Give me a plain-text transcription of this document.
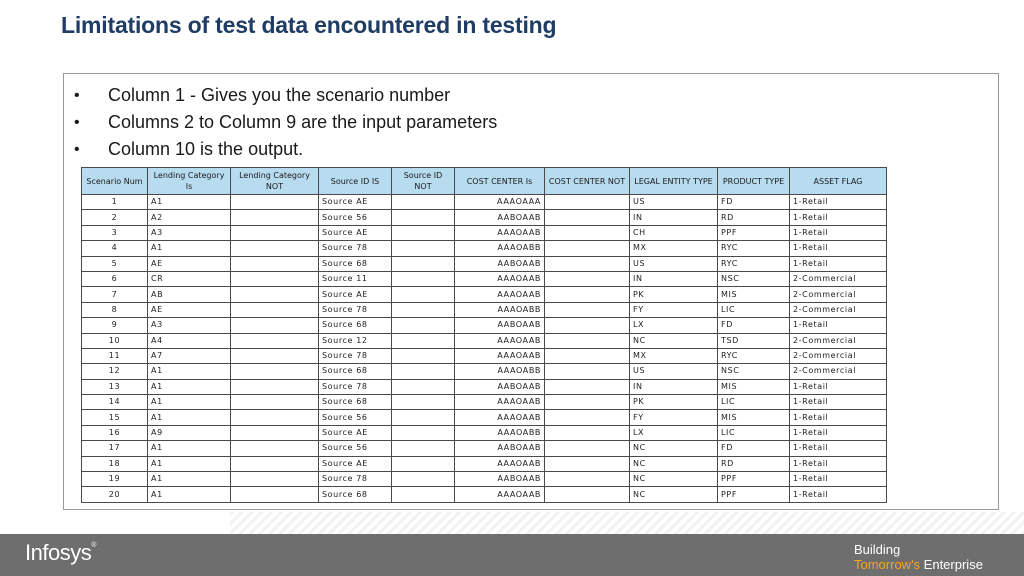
Limitations of test data encountered in testing
•	Column 1 - Gives you the scenario number
•	Columns 2 to Column 9 are the input parameters
•	Column 10 is the output.
Scenario Num	Lending Category Is	Lending Category NOT	Source ID IS	Source ID NOT	COST CENTER Is	COST CENTER NOT	LEGAL ENTITY TYPE	PRODUCT TYPE	ASSET FLAG
1	A1		Source AE		AAAOAAA		US	FD	1-Retail
2	A2		Source 56		AABOAAB		IN	RD	1-Retail
3	A3		Source AE		AAAOAAB		CH	PPF	1-Retail
4	A1		Source 78		AAAOABB		MX	RYC	1-Retail
5	AE		Source 68		AABOAAB		US	RYC	1-Retail
6	CR		Source 11		AAAOAAB		IN	NSC	2-Commercial
7	AB		Source AE		AAAOAAB		PK	MIS	2-Commercial
8	AE		Source 78		AAAOABB		FY	LIC	2-Commercial
9	A3		Source 68		AABOAAB		LX	FD	1-Retail
10	A4		Source 12		AAAOAAB		NC	TSD	2-Commercial
11	A7		Source 78		AAAOAAB		MX	RYC	2-Commercial
12	A1		Source 68		AAAOABB		US	NSC	2-Commercial
13	A1		Source 78		AABOAAB		IN	MIS	1-Retail
14	A1		Source 68		AAAOAAB		PK	LIC	1-Retail
15	A1		Source 56		AAAOAAB		FY	MIS	1-Retail
16	A9		Source AE		AAAOABB		LX	LIC	1-Retail
17	A1		Source 56		AABOAAB		NC	FD	1-Retail
18	A1		Source AE		AAAOAAB		NC	RD	1-Retail
19	A1		Source 78		AABOAAB		NC	PPF	1-Retail
20	A1		Source 68		AAAOAAB		NC	PPF	1-Retail
Infosys®	Building
Tomorrow's Enterprise
